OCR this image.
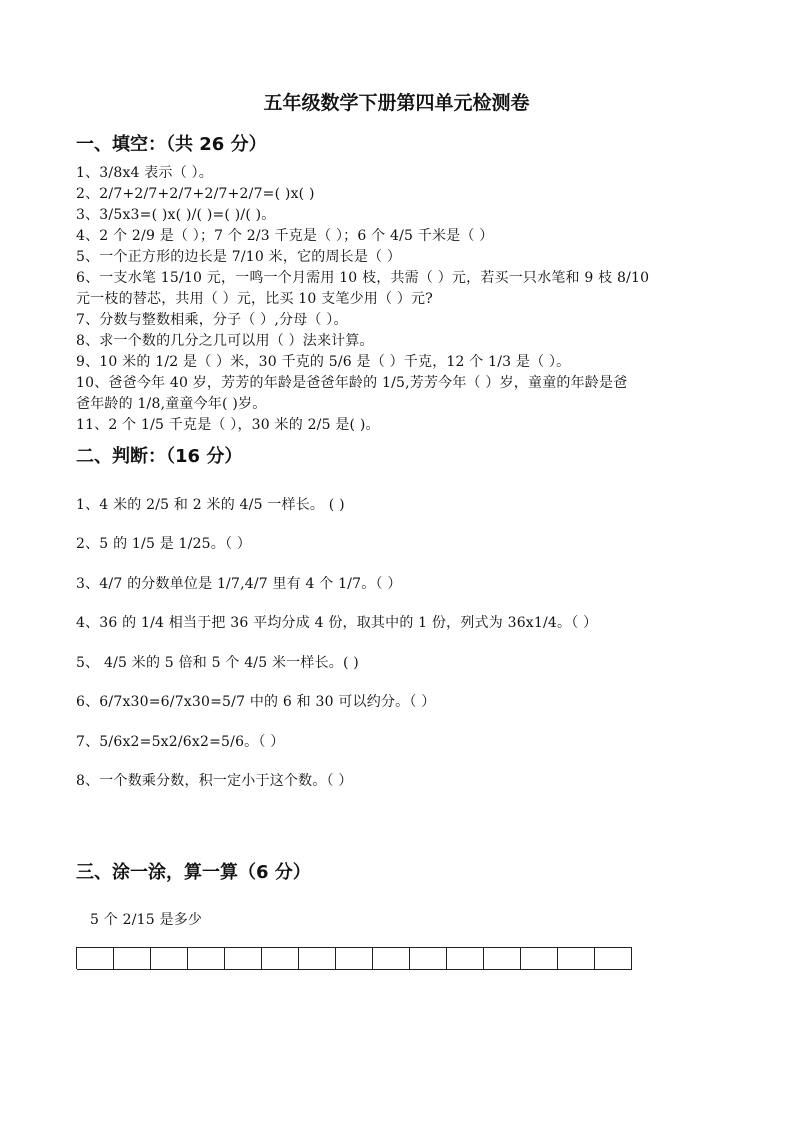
五年级数学下册第四单元检测卷
一、填空：（共 26 分）
1、3/8x4 表示（ ）。
2、2/7+2/7+2/7+2/7+2/7=( )x( )
3、3/5x3=( )x( )/( )=( )/( )。
4、2 个 2/9 是（ ）；7 个 2/3 千克是（ ）；6 个 4/5 千米是（ ）
5、一个正方形的边长是 7/10 米，它的周长是（ ）
6、一支水笔 15/10 元，一鸣一个月需用 10 枝，共需（ ）元，若买一只水笔和 9 枝 8/10
元一枝的替芯，共用（ ）元，比买 10 支笔少用（ ）元?
7、分数与整数相乘，分子（ ）,分母（ ）。
8、求一个数的几分之几可以用（ ）法来计算。
9、10 米的 1/2 是（ ）米，30 千克的 5/6 是（ ）千克，12 个 1/3 是（ ）。
10、爸爸今年 40 岁，芳芳的年龄是爸爸年龄的 1/5,芳芳今年（ ）岁，童童的年龄是爸
爸年龄的 1/8,童童今年( )岁。
11、2 个 1/5 千克是（ ），30 米的 2/5 是( )。
二、判断：（16 分）
1、4 米的 2/5 和 2 米的 4/5 一样长。 ( )
2、5 的 1/5 是 1/25。（ ）
3、4/7 的分数单位是 1/7,4/7 里有 4 个 1/7。（ ）
4、36 的 1/4 相当于把 36 平均分成 4 份，取其中的 1 份，列式为 36x1/4。（ ）
5、 4/5 米的 5 倍和 5 个 4/5 米一样长。( )
6、6/7x30=6/7x30=5/7 中的 6 和 30 可以约分。（ ）
7、5/6x2=5x2/6x2=5/6。（ ）
8、一个数乘分数，积一定小于这个数。（ ）
三、涂一涂，算一算（6 分）
5 个 2/15 是多少
